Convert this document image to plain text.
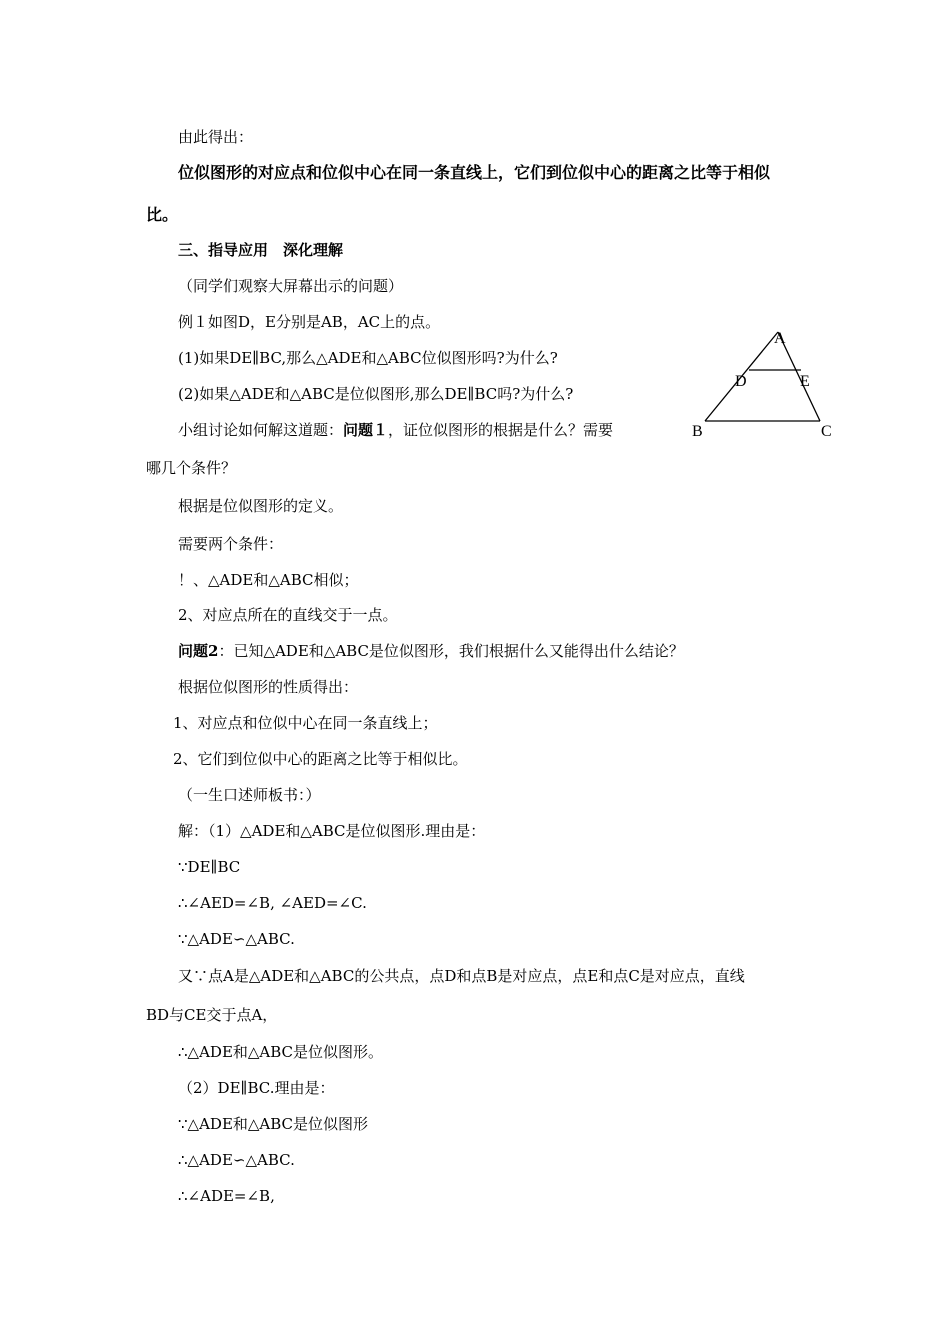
由此得出：
位似图形的对应点和位似中心在同一条直线上，它们到位似中心的距离之比等于相似
比。
三、指导应用　深化理解
（同学们观察大屏幕出示的问题）
例１如图D，E分别是AB，AC上的点。
(1)如果DE∥BC,那么△ADE和△ABC位似图形吗?为什么?
(2)如果△ADE和△ABC是位似图形,那么DE∥BC吗?为什么?
小组讨论如何解这道题：问题１，证位似图形的根据是什么？需要
哪几个条件？
根据是位似图形的定义。
需要两个条件：
！、△ADE和△ABC相似；
2、对应点所在的直线交于一点。
问题2：已知△ADE和△ABC是位似图形，我们根据什么又能得出什么结论？
根据位似图形的性质得出：
1、对应点和位似中心在同一条直线上；
2、它们到位似中心的距离之比等于相似比。
（一生口述师板书：）
解：（1）△ADE和△ABC是位似图形.理由是：
∵DE∥BC
∴∠AED=∠B, ∠AED=∠C.
∵△ADE∽△ABC.
又∵点A是△ADE和△ABC的公共点，点D和点B是对应点，点E和点C是对应点，直线
BD与CE交于点A，
∴△ADE和△ABC是位似图形。
（2）DE∥BC.理由是：
∵△ADE和△ABC是位似图形
∴△ADE∽△ABC.
∴∠ADE=∠B,
A
D	E
B	C
